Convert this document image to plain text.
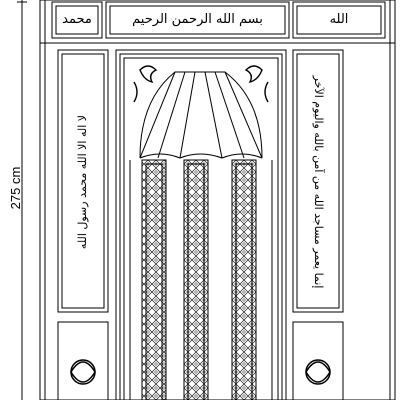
275 cm
محمد	بسم الله الرحمن الرحيم	الله
لا اله الا الله محمد رسول الله	إنما يعمر مساجد الله من آمن بالله واليوم الآخر
